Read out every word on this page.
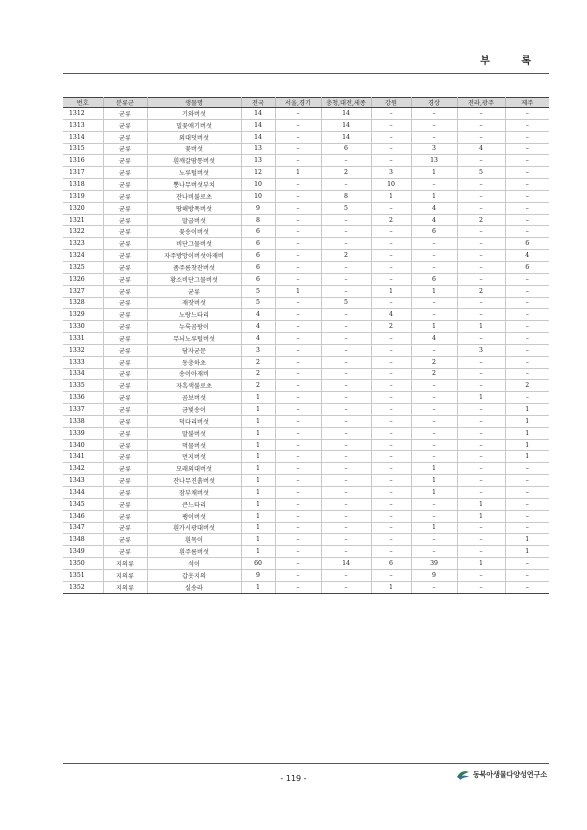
부 록
번호	분류군	생물명	전국	서울,경기	충청,대전,세종	강원	경상	전라,광주	제주
1312	균류	기와버섯	14	–	14	–	–	–	–
1313	균류	밀꽃애기버섯	14	–	14	–	–	–	–
1314	균류	외대덧버섯	14	–	14	–	–	–	–
1315	균류	꽃버섯	13	–	6	–	3	4	–
1316	균류	흰깨갈땀통버섯	13	–	–	–	13	–	–
1317	균류	노루털버섯	12	1	2	3	1	5	–
1318	균류	뽕나무버섯부치	10	–	–	10	–	–	–
1319	균류	잔나비불로초	10	–	8	1	1	–	–
1320	균류	땅해방폭버섯	9	–	5	–	4	–	–
1321	균류	말굽버섯	8	–	–	2	4	2	–
1322	균류	꽃송이버섯	6	–	–	–	6	–	–
1323	균류	비단그물버섯	6	–	–	–	–	–	6
1324	균류	자주방망이버섯아재비	6	–	2	–	–	–	4
1325	균류	좀주름찻잔버섯	6	–	–	–	–	–	6
1326	균류	황소비단그물버섯	6	–	–	–	6	–	–
1327	균류	균류	5	1	–	1	1	2	–
1328	균류	재잣버섯	5	–	5	–	–	–	–
1329	균류	노랑느타리	4	–	–	4	–	–	–
1330	균류	누룩곰팡이	4	–	–	2	1	1	–
1331	균류	무늬노루털버섯	4	–	–	–	4	–	–
1332	균류	담자균문	3	–	–	–	–	3	–
1333	균류	동충하초	2	–	–	–	2	–	–
1334	균류	송이아재비	2	–	–	–	2	–	–
1335	균류	자흑색불로초	2	–	–	–	–	–	2
1336	균류	곰보버섯	1	–	–	–	–	1	–
1337	균류	금빛송이	1	–	–	–	–	–	1
1338	균류	덕다리버섯	1	–	–	–	–	–	1
1339	균류	말불버섯	1	–	–	–	–	–	1
1340	균류	먹물버섯	1	–	–	–	–	–	1
1341	균류	먼지버섯	1	–	–	–	–	–	1
1342	균류	모래외대버섯	1	–	–	–	1	–	–
1343	균류	잔나무진흙버섯	1	–	–	–	1	–	–
1344	균류	잠부채버섯	1	–	–	–	1	–	–
1345	균류	큰느타리	1	–	–	–	–	1	–
1346	균류	팽이버섯	1	–	–	–	–	1	–
1347	균류	흰가시광대버섯	1	–	–	–	1	–	–
1348	균류	흰목이	1	–	–	–	–	–	1
1349	균류	흰주름버섯	1	–	–	–	–	–	1
1350	지의류	석이	60	–	14	6	39	1	–
1351	지의류	갑옷지의	9	–	–	–	9	–	–
1352	지의류	실송라	1	–	–	1	–	–	–
- 119 -	동북아생물다양성연구소
